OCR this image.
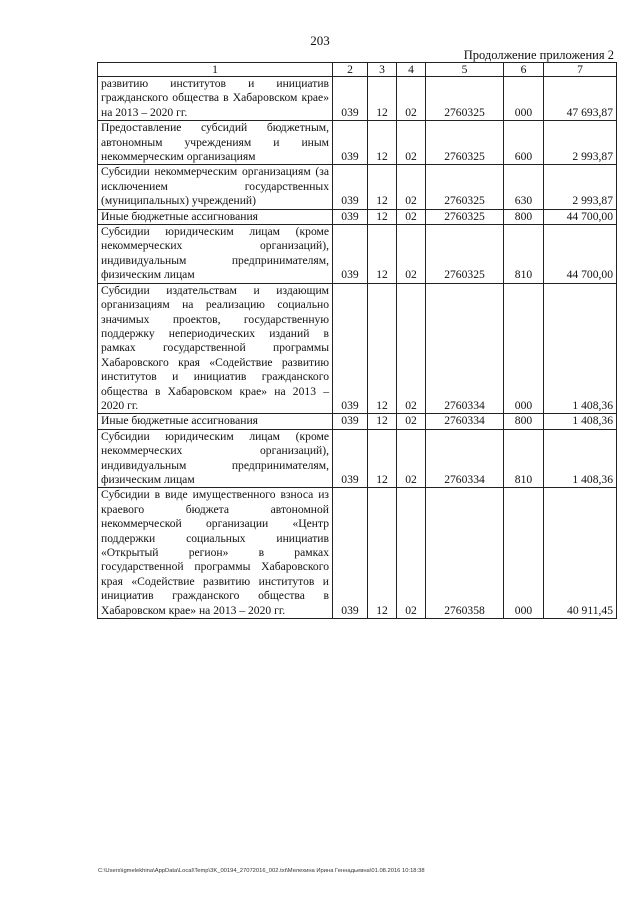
203
Продолжение приложения 2
1	2	3	4	5	6	7
развитию институтов и инициатив гражданского общества в Хабаровском крае» на 2013 – 2020 гг.	039	12	02	2760325	000	47 693,87
Предоставление субсидий бюджетным, автономным учреждениям и иным некоммерческим организациям	039	12	02	2760325	600	2 993,87
Субсидии некоммерческим организациям (за исключением государственных (муниципальных) учреждений)	039	12	02	2760325	630	2 993,87
Иные бюджетные ассигнования	039	12	02	2760325	800	44 700,00
Субсидии юридическим лицам (кроме некоммерческих организаций), индивидуальным предпринимателям, физическим лицам	039	12	02	2760325	810	44 700,00
Субсидии издательствам и издающим организациям на реализацию социально значимых проектов, государственную поддержку непериодических изданий в рамках государственной программы Хабаровского края «Содействие развитию институтов и инициатив гражданского общества в Хабаровском крае» на 2013 – 2020 гг.	039	12	02	2760334	000	1 408,36
Иные бюджетные ассигнования	039	12	02	2760334	800	1 408,36
Субсидии юридическим лицам (кроме некоммерческих организаций), индивидуальным предпринимателям, физическим лицам	039	12	02	2760334	810	1 408,36
Субсидии в виде имущественного взноса из краевого бюджета автономной некоммерческой организации «Центр поддержки социальных инициатив «Открытый регион» в рамках государственной программы Хабаровского края «Содействие развитию институтов и инициатив гражданского общества в Хабаровском крае» на 2013 – 2020 гг.	039	12	02	2760358	000	40 911,45
C:\Users\igmelekhina\AppData\Local\Temp\3K_00194_27072016_002.txt\Мелехина Ирина Геннадьевна\01.08.2016 10:18:38
